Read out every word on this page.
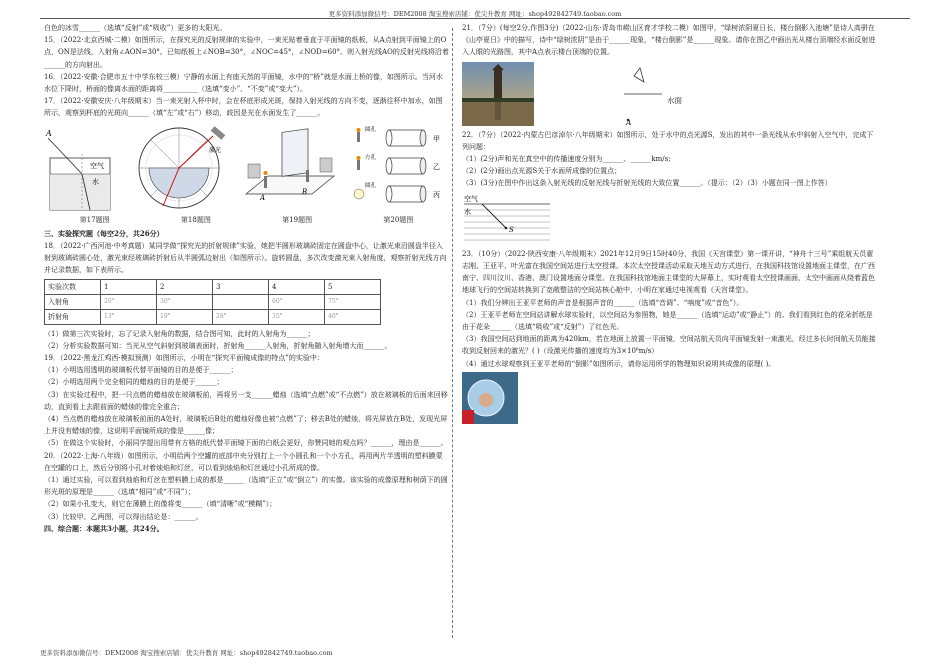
更多资料添加微信号：DEM2008 淘宝搜索店铺：优尖升教育 网址：shop492842749.taobao.com
白色的冰雪______（选填“反射”或“吸收”）更多的太阳光。
15．（2022·北京西城·二模）如图所示，在探究光的反射规律的实验中，一束光贴着垂直于平面镜的纸板，从A点射到平面镜上的O点，ON是法线，入射角∠AON=30°。已知纸板上∠NOB=30°，∠NOC=45°，∠NOD=60°。则入射光线AO的反射光线将沿着______的方向射出。
16．（2022·安徽·合肥市五十中学东校三模）宁静的水面上有座天然的平面镜，水中的“桥”就是水面上桥的像，如图所示。当河水水位下降时，桥面的像离水面的距离将__________（选填“变小”、“不变”或“变大”）。
17．（2022·安徽安庆·八年级期末）当一束光射入杯中时，会在杯底形成光斑，保持入射光线的方向不变，逐渐往杯中加水，如图所示，观察到杯底的光斑向______（填“左”或“右”）移动，歧因是光在水面发生了______。
A
空气
水
激光
A
B
圆孔
方孔
圆孔
甲
乙
丙
第17题图	第18题图	第19题图	第20题图
三、实验探究题（每空2分，共26分）
18．（2022·广西河池·中考真题）某同学做“探究光的折射规律”实验，她把半圆形玻璃砖固定在圆盘中心，让激光束沿圆盘半径入射到玻璃砖圆心处，激光束经玻璃砖折射后从半圆弧边射出（如图所示）。旋转圆盘，多次改变激光束入射角度，观察折射光线方向并记录数据，如下表所示。
实验次数	1	2	3	4	5
入射角	20°	30°		60°	75°
折射角	13°	19°	28°	35°	40°
（1）做第三次实验时，忘了记录入射角的数据，结合图可知，此时的入射角为______；
（2）分析实验数据可知：当光从空气斜射到玻璃表面时，折射角______入射角，折射角随入射角增大而______。
19．（2022·黑龙江鸡西·模拟预测）如图所示，小明在“探究平面镜成像的特点”的实验中：
（1）小明选用透明的玻璃板代替平面镜的目的是便于______；
（2）小明选用两个完全相同的蜡烛的目的是便于______；
（3）在实验过程中，把一只点燃的蜡烛放在玻璃板前，再将另一支______蜡烛（选填“点燃”或“不点燃”）放在玻璃板的后面来回移动，直到看上去跟前面的蜡烛的像完全重合；
（4）当点燃的蜡烛放在玻璃板前面的A处时，玻璃板后B处的蜡烛好像也被“点燃”了；移去B处的蜡烛，将光屏放在B处，发现光屏上并没有蜡烛的像，这说明平面镜所成的像是______像；
（5）在做这个实验时，小丽同学提出用带有方格的纸代替平面镜下面的白纸会更好，你赞同她的观点吗？______，理由是______。
20．（2022·上海·八年级）如图所示，小明给两个空罐的底部中央分别打上一个小圆孔和一个小方孔，再用两片半透明的塑料膜蒙在空罐的口上，然后分别将小孔对着烛焰和灯丝，可以看到烛焰和灯丝通过小孔所成的像。
（1）通过实验，可以看到烛焰和灯丝在塑料膜上成的都是______（选填“正立”或“倒立”）的实像。该实验的成像原理和树荫下的圆形光斑的原理是______（选填“相同”或“不同”）；
（2）如果小孔变大，则它在薄膜上的像将变______（填“清晰”或“模糊”）；
（3）比较甲、乙两图，可以得出结论是：______。
四、综合题：本题共3小题，共24分。
21．（7分）(每空2分,作图3分)（2022·山东·青岛市崂山区育才学校二模）如图甲，“绿树浓阴夏日长，楼台倒影入池塘”是诗人高骈在《山亭夏日》中的描写，诗中“绿树浓阴”是由于______现象，“楼台倒影”是______现象。请你在图乙中画出光从楼台顶端经水面反射进入人眼的光路图，其中A点表示楼台顶端的位置。
水面
A
22．（7分）（2022·内蒙古巴彦淖尔·八年级期末）如图所示，处于水中的点光源S，发出的其中一条光线从水中斜射入空气中，完成下列问题：
（1）(2分)声和光在真空中的传播速度分别为______、______km/s;
（2）(2分)画出点光源S关于水面所成像的位置点；
（3）(3分)在图中作出这条入射光线的反射光线与折射光线的大致位置______。（提示：（2）（3）小题在同一图上作答）
空气
水
S
23．（10分）（2022·陕西安康·八年级期末）2021年12月9日15时40分，我国《天宫课堂》第一课开讲，“神舟十三号”乘组航天员翟志刚、王亚平、叶光富在我国空间站进行太空授课。本次太空授课活动采取天地互动方式进行，在我国科技馆设置地面主课堂，在广西南宁、四川汶川、香港、澳门设置地面分课堂。在我国科技馆地面主课堂的大屏幕上，实时观看太空授课画面，太空中画面从绕着蓝色地球飞行的空间站转换到了宽敞整洁的空间站核心舱中，小明在家通过电视观看《天宫课堂》。
（1）我们分辨出王亚平老师的声音是根据声音的______（选填“音调”、“响度”或“音色”）。
（2）王亚平老师在空间站讲解水球实验时，以空间站为参照物，她是______（选填“运动”或“静止”）的。我们看到红色的花朵折纸是由于花朵______（选填“吸收”或“反射”）了红色光。
（3）我国空间站到地面的距离为420km，若在地面上放置一平面镜，空间站航天员向平面镜发射一束激光，经过多长时间航天员能接收到反射回来的激光？( )（设激光传播的速度均为3×10⁸m/s）
（4）通过水球观察到王亚平老师的“倒影”如图所示，请你运用所学的物理知识说明其成像的原理( )。
更多资料添加微信号：DEM2008 淘宝搜索店铺：优尖升教育 网址：shop492842749.taobao.com
